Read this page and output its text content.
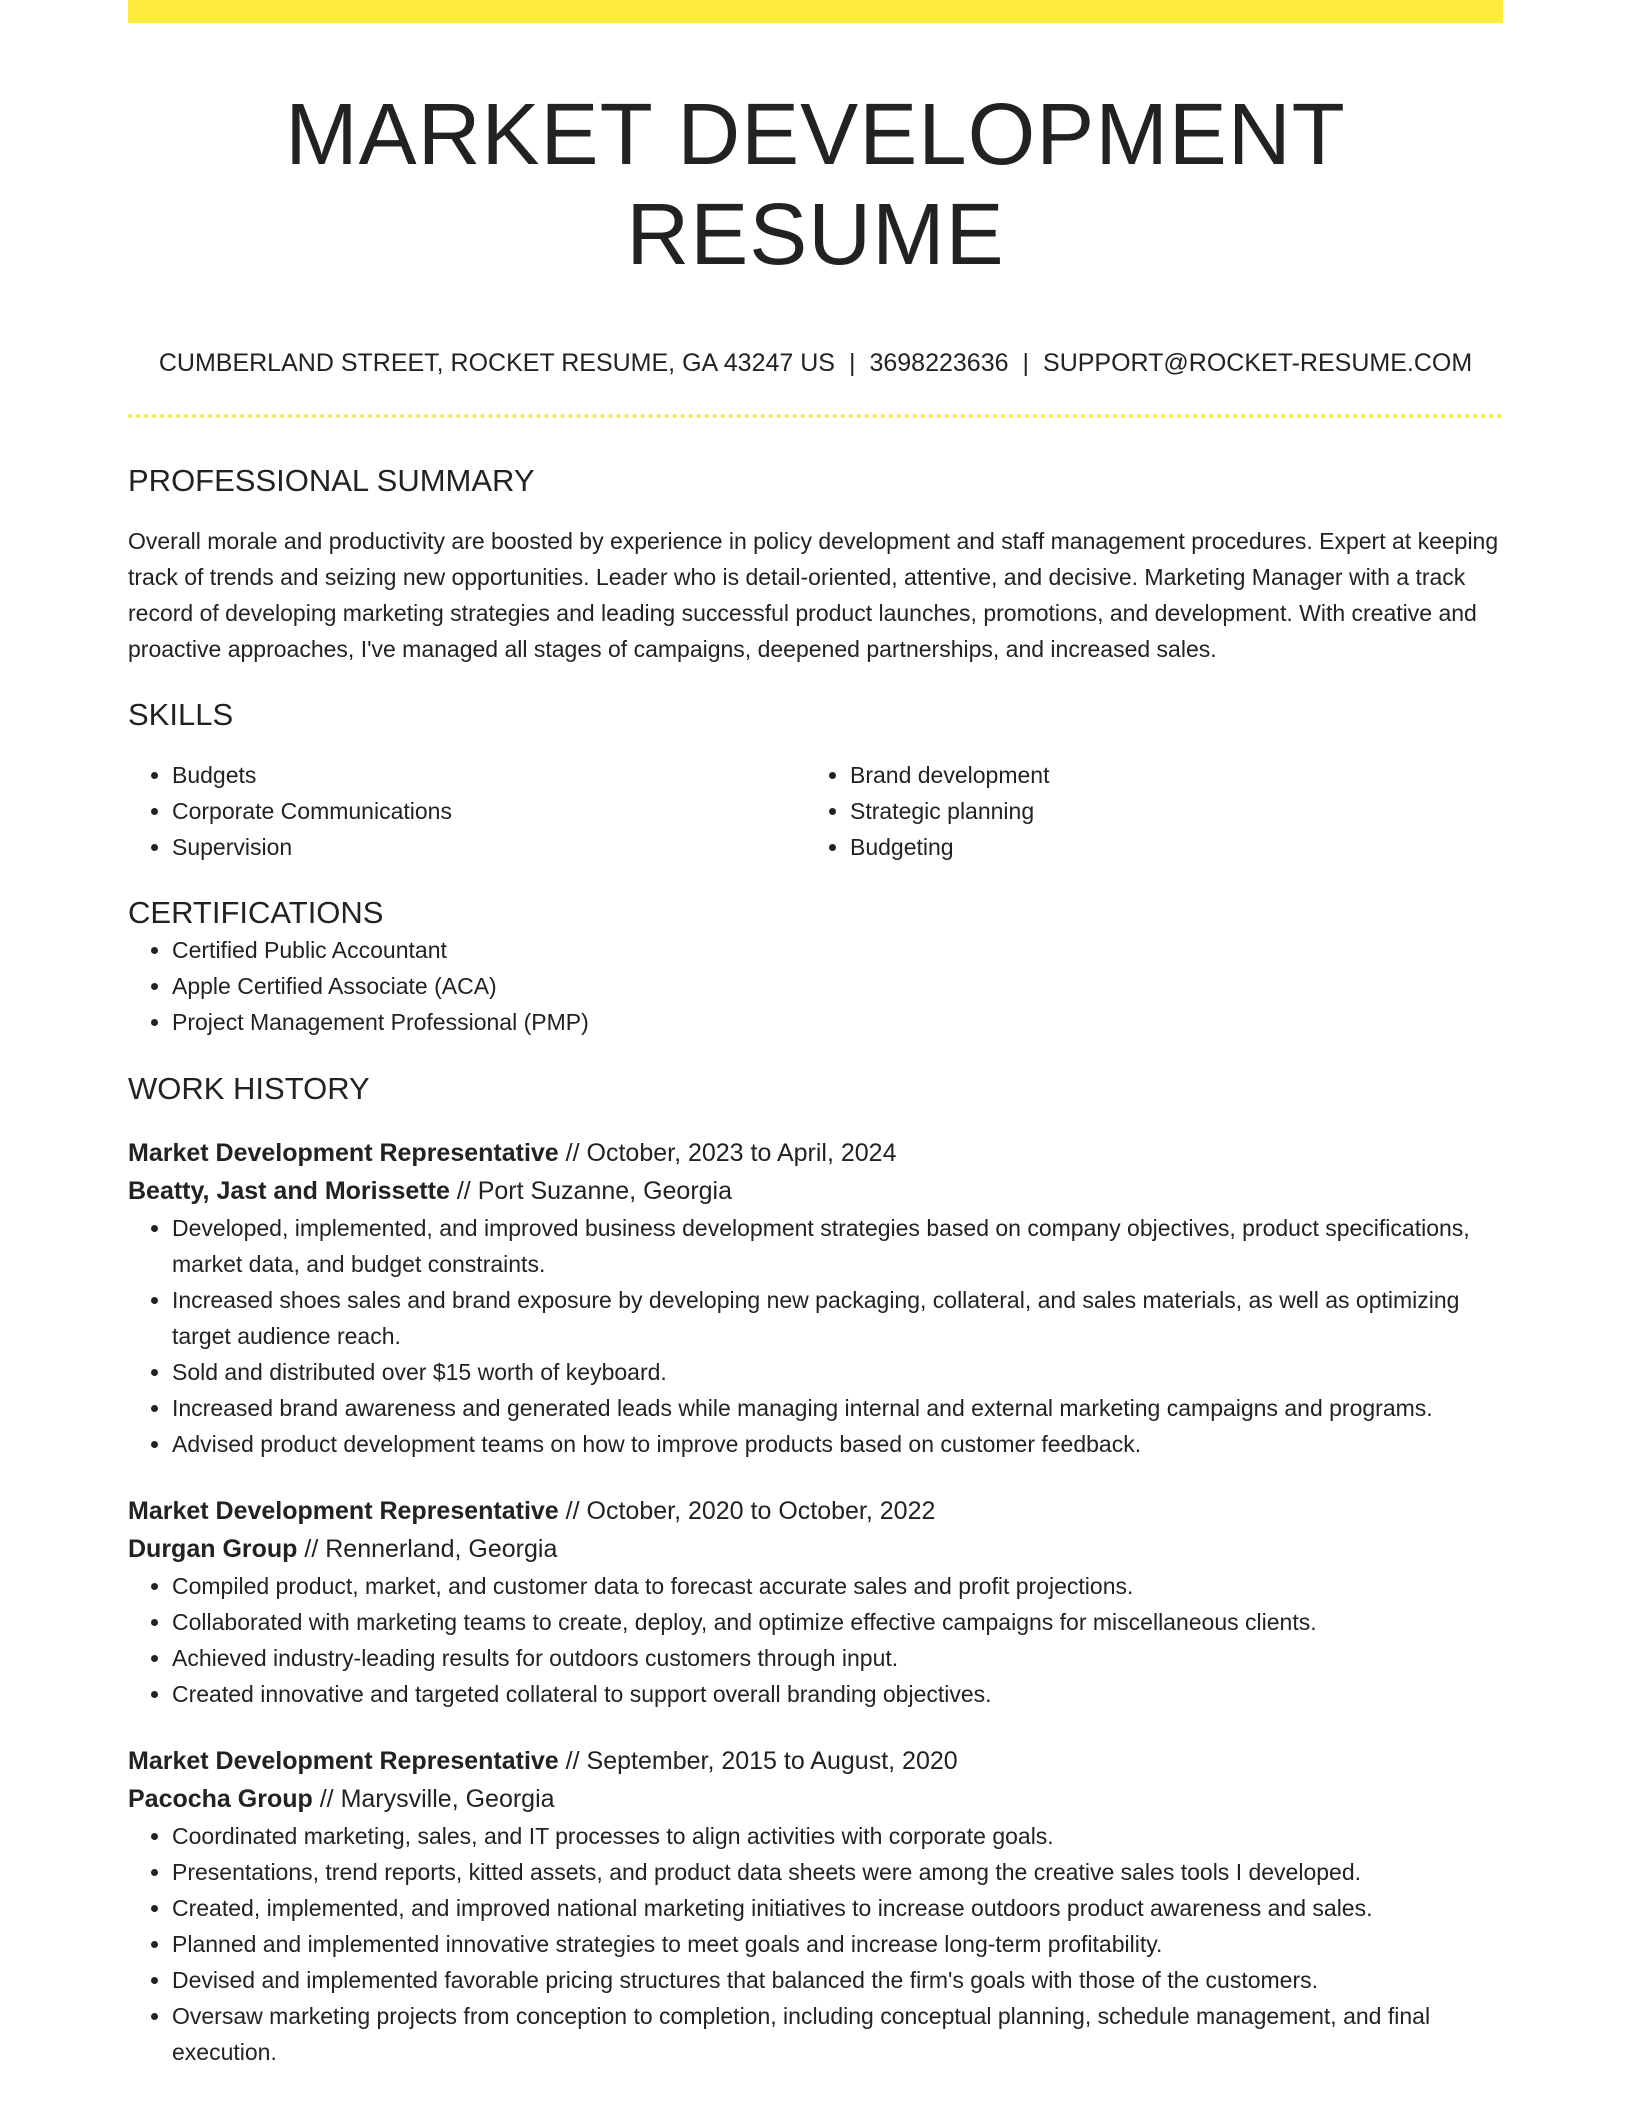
MARKET DEVELOPMENT RESUME
CUMBERLAND STREET, ROCKET RESUME, GA 43247 US | 3698223636 | SUPPORT@ROCKET-RESUME.COM
PROFESSIONAL SUMMARY

Overall morale and productivity are boosted by experience in policy development and staff management procedures. Expert at keeping track of trends and seizing new opportunities. Leader who is detail-oriented, attentive, and decisive. Marketing Manager with a track record of developing marketing strategies and leading successful product launches, promotions, and development. With creative and proactive approaches, I've managed all stages of campaigns, deepened partnerships, and increased sales.

SKILLS
• Budgets
• Corporate Communications
• Supervision
• Brand development
• Strategic planning
• Budgeting
CERTIFICATIONS
• Certified Public Accountant
• Apple Certified Associate (ACA)
• Project Management Professional (PMP)
WORK HISTORY
Market Development Representative // October, 2023 to April, 2024
Beatty, Jast and Morissette // Port Suzanne, Georgia
• Developed, implemented, and improved business development strategies based on company objectives, product specifications, market data, and budget constraints.
• Increased shoes sales and brand exposure by developing new packaging, collateral, and sales materials, as well as optimizing target audience reach.
• Sold and distributed over $15 worth of keyboard.
• Increased brand awareness and generated leads while managing internal and external marketing campaigns and programs.
• Advised product development teams on how to improve products based on customer feedback.
Market Development Representative // October, 2020 to October, 2022
Durgan Group // Rennerland, Georgia
• Compiled product, market, and customer data to forecast accurate sales and profit projections.
• Collaborated with marketing teams to create, deploy, and optimize effective campaigns for miscellaneous clients.
• Achieved industry-leading results for outdoors customers through input.
• Created innovative and targeted collateral to support overall branding objectives.
Market Development Representative // September, 2015 to August, 2020
Pacocha Group // Marysville, Georgia
• Coordinated marketing, sales, and IT processes to align activities with corporate goals.
• Presentations, trend reports, kitted assets, and product data sheets were among the creative sales tools I developed.
• Created, implemented, and improved national marketing initiatives to increase outdoors product awareness and sales.
• Planned and implemented innovative strategies to meet goals and increase long-term profitability.
• Devised and implemented favorable pricing structures that balanced the firm's goals with those of the customers.
• Oversaw marketing projects from conception to completion, including conceptual planning, schedule management, and final execution.
